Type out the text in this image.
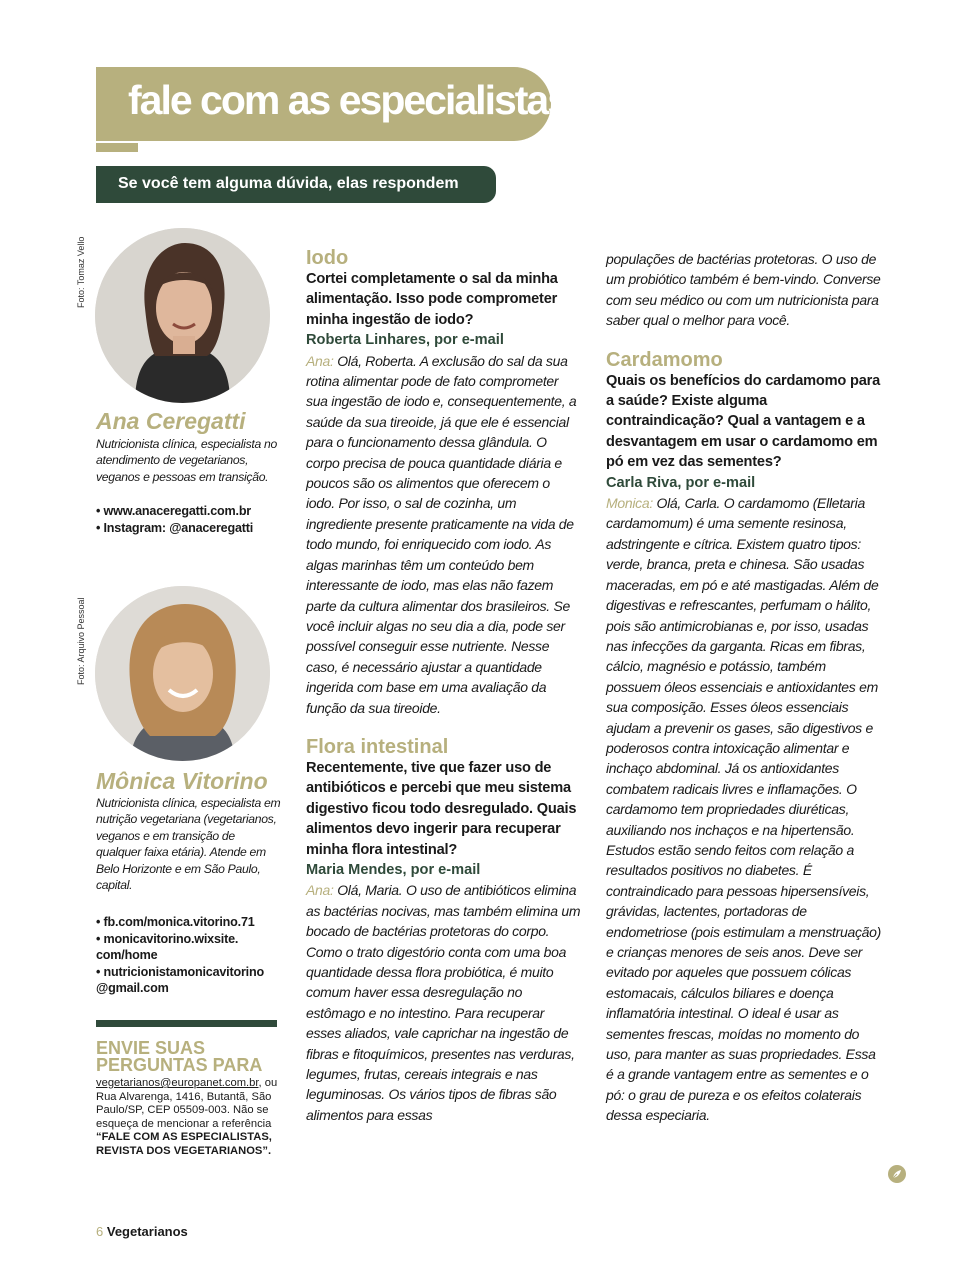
fale com as especialistas
Se você tem alguma dúvida, elas respondem
Foto: Tomaz Vello
Ana Ceregatti
Nutricionista clínica, especialista no atendimento de vegetarianos, veganos e pessoas em transição.
• www.anaceregatti.com.br
• Instagram: @anaceregatti
Foto: Arquivo Pessoal
Mônica Vitorino
Nutricionista clínica, especialista em nutrição vegetariana (vegetarianos, veganos e em transição de qualquer faixa etária). Atende em Belo Horizonte e em São Paulo, capital.
• fb.com/monica.vitorino.71
• monicavitorino.wixsite. com/home
• nutricionistamonicavitorino @gmail.com
ENVIE SUAS PERGUNTAS PARA
vegetarianos@europanet.com.br, ou Rua Alvarenga, 1416, Butantã, São Paulo/SP, CEP 05509-003. Não se esqueça de mencionar a referência “FALE COM AS ESPECIALISTAS, REVISTA DOS VEGETARIANOS”.
Iodo
Cortei completamente o sal da minha alimentação. Isso pode comprometer minha ingestão de iodo?
Roberta Linhares, por e-mail
Ana: Olá, Roberta. A exclusão do sal da sua rotina alimentar pode de fato comprometer sua ingestão de iodo e, consequentemente, a saúde da sua tireoide, já que ele é essencial para o funcionamento dessa glândula. O corpo precisa de pouca quantidade diária e poucos são os alimentos que oferecem o iodo. Por isso, o sal de cozinha, um ingrediente presente praticamente na vida de todo mundo, foi enriquecido com iodo. As algas marinhas têm um conteúdo bem interessante de iodo, mas elas não fazem parte da cultura alimentar dos brasileiros. Se você incluir algas no seu dia a dia, pode ser possível conseguir esse nutriente. Nesse caso, é necessário ajustar a quantidade ingerida com base em uma avaliação da função da sua tireoide.
Flora intestinal
Recentemente, tive que fazer uso de antibióticos e percebi que meu sistema digestivo ficou todo desregulado. Quais alimentos devo ingerir para recuperar minha flora intestinal?
Maria Mendes, por e-mail
Ana: Olá, Maria. O uso de antibióticos elimina as bactérias nocivas, mas também elimina um bocado de bactérias protetoras do corpo. Como o trato digestório conta com uma boa quantidade dessa flora probiótica, é muito comum haver essa desregulação no estômago e no intestino. Para recuperar esses aliados, vale caprichar na ingestão de fibras e fitoquímicos, presentes nas verduras, legumes, frutas, cereais integrais e nas leguminosas. Os vários tipos de fibras são alimentos para essas
populações de bactérias protetoras. O uso de um probiótico também é bem-vindo. Converse com seu médico ou com um nutricionista para saber qual o melhor para você.
Cardamomo
Quais os benefícios do cardamomo para a saúde? Existe alguma contraindicação? Qual a vantagem e a desvantagem em usar o cardamomo em pó em vez das sementes?
Carla Riva, por e-mail
Monica: Olá, Carla. O cardamomo (Elletaria cardamomum) é uma semente resinosa, adstringente e cítrica. Existem quatro tipos: verde, branca, preta e chinesa. São usadas maceradas, em pó e até mastigadas. Além de digestivas e refrescantes, perfumam o hálito, pois são antimicrobianas e, por isso, usadas nas infecções da garganta. Ricas em fibras, cálcio, magnésio e potássio, também possuem óleos essenciais e antioxidantes em sua composição. Esses óleos essenciais ajudam a prevenir os gases, são digestivos e poderosos contra intoxicação alimentar e inchaço abdominal. Já os antioxidantes combatem radicais livres e inflamações. O cardamomo tem propriedades diuréticas, auxiliando nos inchaços e na hipertensão. Estudos estão sendo feitos com relação a resultados positivos no diabetes. É contraindicado para pessoas hipersensíveis, grávidas, lactentes, portadoras de endometriose (pois estimulam a menstruação) e crianças menores de seis anos. Deve ser evitado por aqueles que possuem cólicas estomacais, cálculos biliares e doença inflamatória intestinal. O ideal é usar as sementes frescas, moídas no momento do uso, para manter as suas propriedades. Essa é a grande vantagem entre as sementes e o pó: o grau de pureza e os efeitos colaterais dessa especiaria.
6 Vegetarianos
